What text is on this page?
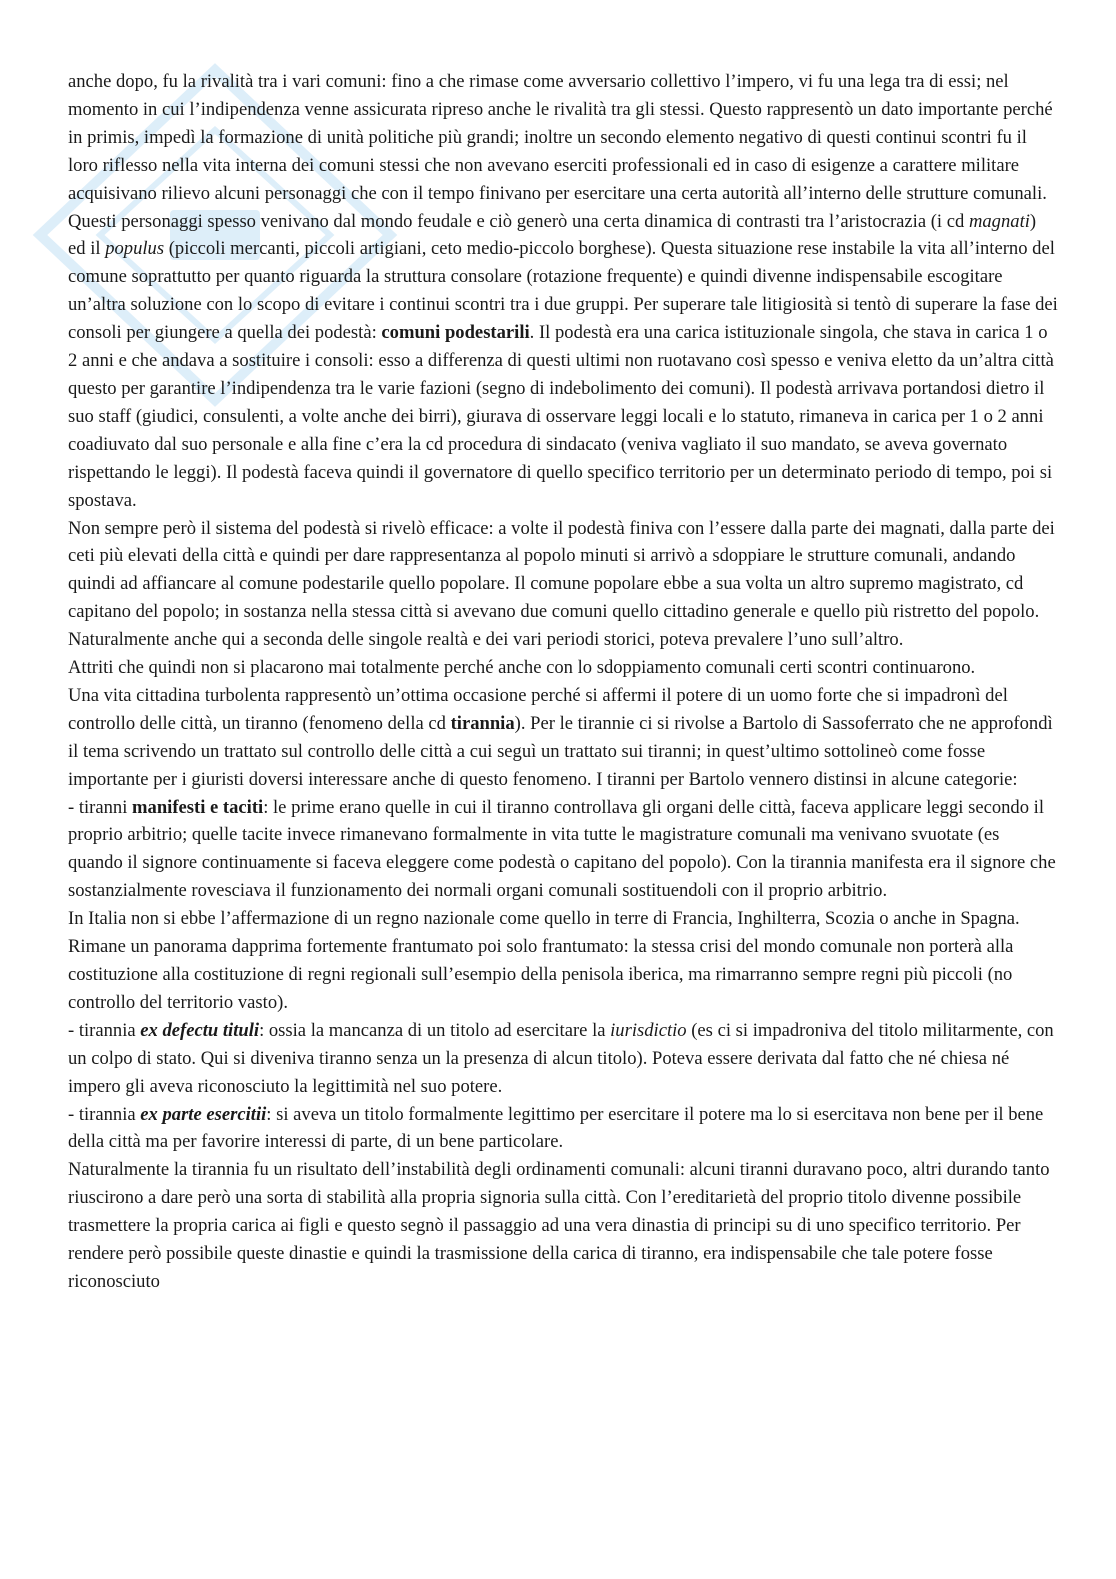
anche dopo, fu la rivalità tra i vari comuni: fino a che rimase come avversario collettivo l’impero, vi fu una lega tra di essi; nel momento in cui l’indipendenza venne assicurata ripreso anche le rivalità tra gli stessi. Questo rappresentò un dato importante perché in primis, impedì la formazione di unità politiche più grandi; inoltre un secondo elemento negativo di questi continui scontri fu il loro riflesso nella vita interna dei comuni stessi che non avevano eserciti professionali ed in caso di esigenze a carattere militare acquisivano rilievo alcuni personaggi che con il tempo finivano per esercitare una certa autorità all’interno delle strutture comunali. Questi personaggi spesso venivano dal mondo feudale e ciò generò una certa dinamica di contrasti tra l’aristocrazia (i cd magnati) ed il populus (piccoli mercanti, piccoli artigiani, ceto medio-piccolo borghese). Questa situazione rese instabile la vita all’interno del comune soprattutto per quanto riguarda la struttura consolare (rotazione frequente) e quindi divenne indispensabile escogitare un’altra soluzione con lo scopo di evitare i continui scontri tra i due gruppi. Per superare tale litigiosità si tentò di superare la fase dei consoli per giungere a quella dei podestà: comuni podestarili. Il podestà era una carica istituzionale singola, che stava in carica 1 o 2 anni e che andava a sostituire i consoli: esso a differenza di questi ultimi non ruotavano così spesso e veniva eletto da un’altra città questo per garantire l’indipendenza tra le varie fazioni (segno di indebolimento dei comuni). Il podestà arrivava portandosi dietro il suo staff (giudici, consulenti, a volte anche dei birri), giurava di osservare leggi locali e lo statuto, rimaneva in carica per 1 o 2 anni coadiuvato dal suo personale e alla fine c’era la cd procedura di sindacato (veniva vagliato il suo mandato, se aveva governato rispettando le leggi). Il podestà faceva quindi il governatore di quello specifico territorio per un determinato periodo di tempo, poi si spostava.

Non sempre però il sistema del podestà si rivelò efficace: a volte il podestà finiva con l’essere dalla parte dei magnati, dalla parte dei ceti più elevati della città e quindi per dare rappresentanza al popolo minuti si arrivò a sdoppiare le strutture comunali, andando quindi ad affiancare al comune podestarile quello popolare. Il comune popolare ebbe a sua volta un altro supremo magistrato, cd capitano del popolo; in sostanza nella stessa città si avevano due comuni quello cittadino generale e quello più ristretto del popolo. Naturalmente anche qui a seconda delle singole realtà e dei vari periodi storici, poteva prevalere l’uno sull’altro.

Attriti che quindi non si placarono mai totalmente perché anche con lo sdoppiamento comunali certi scontri continuarono.

Una vita cittadina turbolenta rappresentò un’ottima occasione perché si affermi il potere di un uomo forte che si impadronì del controllo delle città, un tiranno (fenomeno della cd tirannia). Per le tirannie ci si rivolse a Bartolo di Sassoferrato che ne approfondì il tema scrivendo un trattato sul controllo delle città a cui seguì un trattato sui tiranni; in quest’ultimo sottolineò come fosse importante per i giuristi doversi interessare anche di questo fenomeno. I tiranni per Bartolo vennero distinsi in alcune categorie:

- tiranni manifesti e taciti: le prime erano quelle in cui il tiranno controllava gli organi delle città, faceva applicare leggi secondo il proprio arbitrio; quelle tacite invece rimanevano formalmente in vita tutte le magistrature comunali ma venivano svuotate (es quando il signore continuamente si faceva eleggere come podestà o capitano del popolo). Con la tirannia manifesta era il signore che sostanzialmente rovesciava il funzionamento dei normali organi comunali sostituendoli con il proprio arbitrio.

In Italia non si ebbe l’affermazione di un regno nazionale come quello in terre di Francia, Inghilterra, Scozia o anche in Spagna. Rimane un panorama dapprima fortemente frantumato poi solo frantumato: la stessa crisi del mondo comunale non porterà alla costituzione alla costituzione di regni regionali sull’esempio della penisola iberica, ma rimarranno sempre regni più piccoli (no controllo del territorio vasto).

- tirannia ex defectu tituli: ossia la mancanza di un titolo ad esercitare la iurisdictio (es ci si impadroniva del titolo militarmente, con un colpo di stato. Qui si diveniva tiranno senza un la presenza di alcun titolo). Poteva essere derivata dal fatto che né chiesa né impero gli aveva riconosciuto la legittimità nel suo potere.

- tirannia ex parte esercitii: si aveva un titolo formalmente legittimo per esercitare il potere ma lo si esercitava non bene per il bene della città ma per favorire interessi di parte, di un bene particolare.

Naturalmente la tirannia fu un risultato dell’instabilità degli ordinamenti comunali: alcuni tiranni duravano poco, altri durando tanto riuscirono a dare però una sorta di stabilità alla propria signoria sulla città. Con l’ereditarietà del proprio titolo divenne possibile trasmettere la propria carica ai figli e questo segnò il passaggio ad una vera dinastia di principi su di uno specifico territorio. Per rendere però possibile queste dinastie e quindi la trasmissione della carica di tiranno, era indispensabile che tale potere fosse riconosciuto
